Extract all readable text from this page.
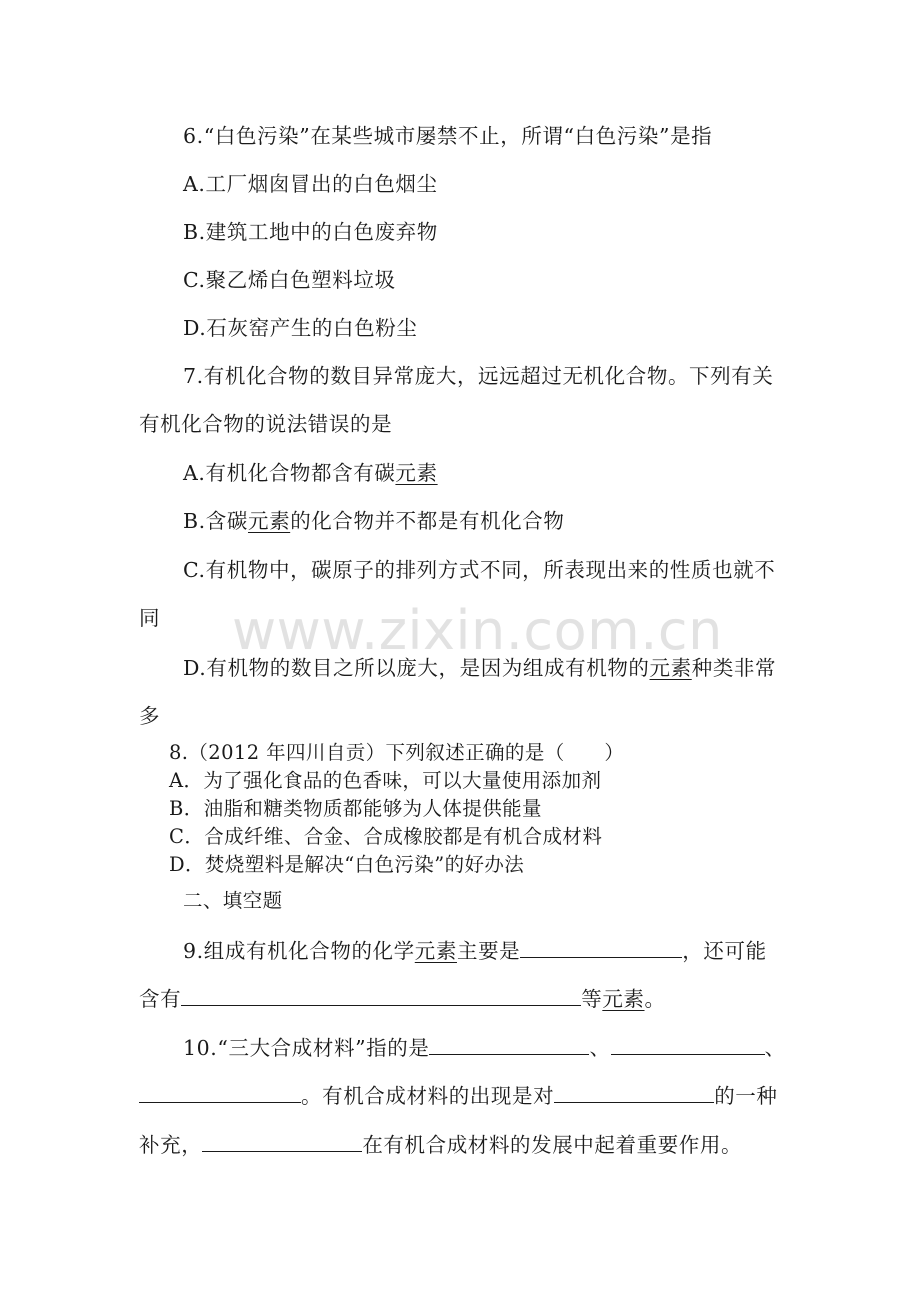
www.zixin.com.cn
6.“白色污染”在某些城市屡禁不止，所谓“白色污染”是指
A.工厂烟囱冒出的白色烟尘
B.建筑工地中的白色废弃物
C.聚乙烯白色塑料垃圾
D.石灰窑产生的白色粉尘
7.有机化合物的数目异常庞大，远远超过无机化合物。下列有关
有机化合物的说法错误的是
A.有机化合物都含有碳元素
B.含碳元素的化合物并不都是有机化合物
C.有机物中，碳原子的排列方式不同，所表现出来的性质也就不
同
D.有机物的数目之所以庞大，是因为组成有机物的元素种类非常
多
8.（2012 年四川自贡）下列叙述正确的是（　　）
A．为了强化食品的色香味，可以大量使用添加剂
B．油脂和糖类物质都能够为人体提供能量
C．合成纤维、合金、合成橡胶都是有机合成材料
D．焚烧塑料是解决“白色污染”的好办法
二、填空题
9.组成有机化合物的化学元素主要是	，还可能
含有	等元素。
10.“三大合成材料”指的是	、	、
。有机合成材料的出现是对	的一种
补充，	在有机合成材料的发展中起着重要作用。
